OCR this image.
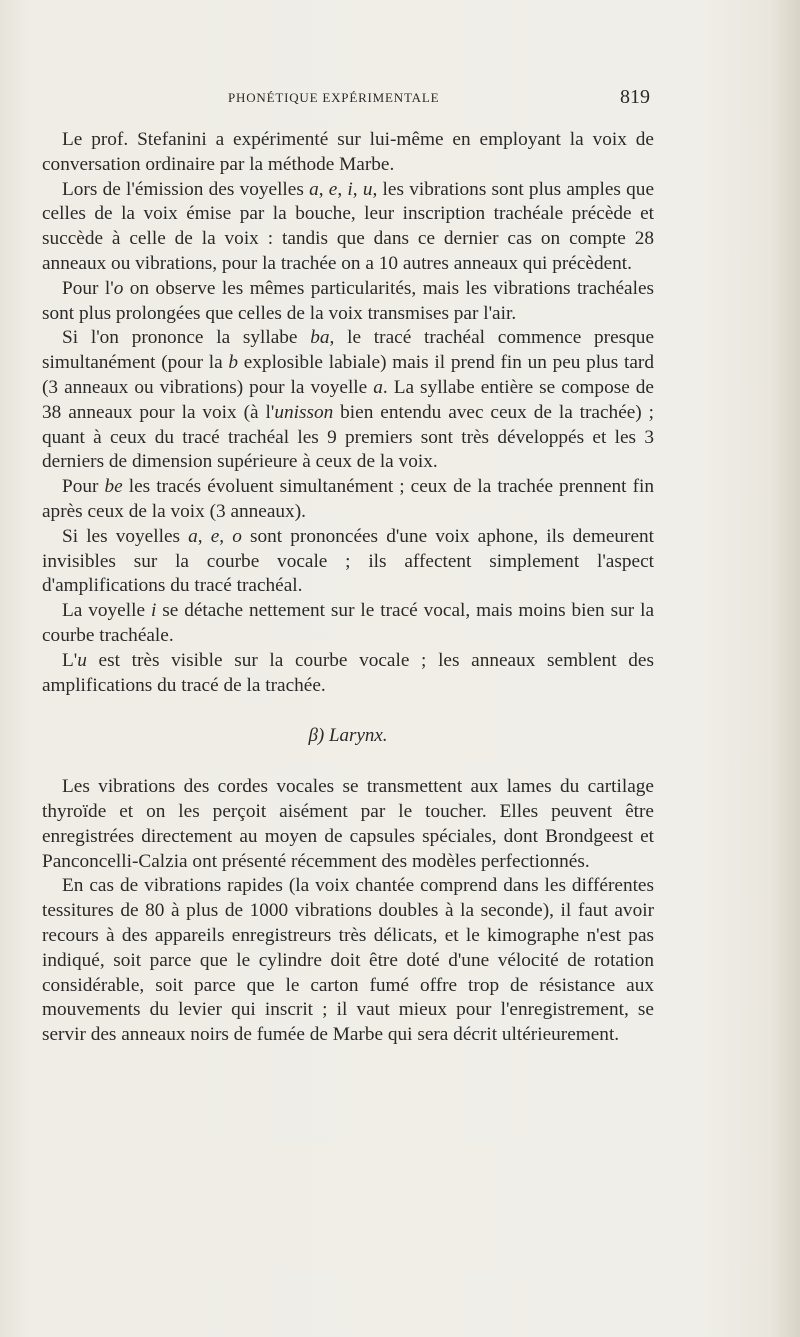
PHONÉTIQUE EXPÉRIMENTALE	819

Le prof. Stefanini a expérimenté sur lui-même en employant la voix de conversation ordinaire par la méthode Marbe.

Lors de l'émission des voyelles a, e, i, u, les vibrations sont plus amples que celles de la voix émise par la bouche, leur inscription trachéale précède et succède à celle de la voix : tandis que dans ce dernier cas on compte 28 anneaux ou vibrations, pour la trachée on a 10 autres anneaux qui précèdent.

Pour l'o on observe les mêmes particularités, mais les vibrations trachéales sont plus prolongées que celles de la voix transmises par l'air.

Si l'on prononce la syllabe ba, le tracé trachéal commence presque simultanément (pour la b explosible labiale) mais il prend fin un peu plus tard (3 anneaux ou vibrations) pour la voyelle a. La syllabe entière se compose de 38 anneaux pour la voix (à l'unisson bien entendu avec ceux de la trachée) ; quant à ceux du tracé trachéal les 9 premiers sont très développés et les 3 derniers de dimension supérieure à ceux de la voix.

Pour be les tracés évoluent simultanément ; ceux de la trachée prennent fin après ceux de la voix (3 anneaux).

Si les voyelles a, e, o sont prononcées d'une voix aphone, ils demeurent invisibles sur la courbe vocale ; ils affectent simplement l'aspect d'amplifications du tracé trachéal.

La voyelle i se détache nettement sur le tracé vocal, mais moins bien sur la courbe trachéale.

L'u est très visible sur la courbe vocale ; les anneaux semblent des amplifications du tracé de la trachée.

β) Larynx.

Les vibrations des cordes vocales se transmettent aux lames du cartilage thyroïde et on les perçoit aisément par le toucher. Elles peuvent être enregistrées directement au moyen de capsules spéciales, dont Brondgeest et Panconcelli-Calzia ont présenté récemment des modèles perfectionnés.

En cas de vibrations rapides (la voix chantée comprend dans les différentes tessitures de 80 à plus de 1000 vibrations doubles à la seconde), il faut avoir recours à des appareils enregistreurs très délicats, et le kimographe n'est pas indiqué, soit parce que le cylindre doit être doté d'une vélocité de rotation considérable, soit parce que le carton fumé offre trop de résistance aux mouvements du levier qui inscrit ; il vaut mieux pour l'enregistrement, se servir des anneaux noirs de fumée de Marbe qui sera décrit ultérieurement.
